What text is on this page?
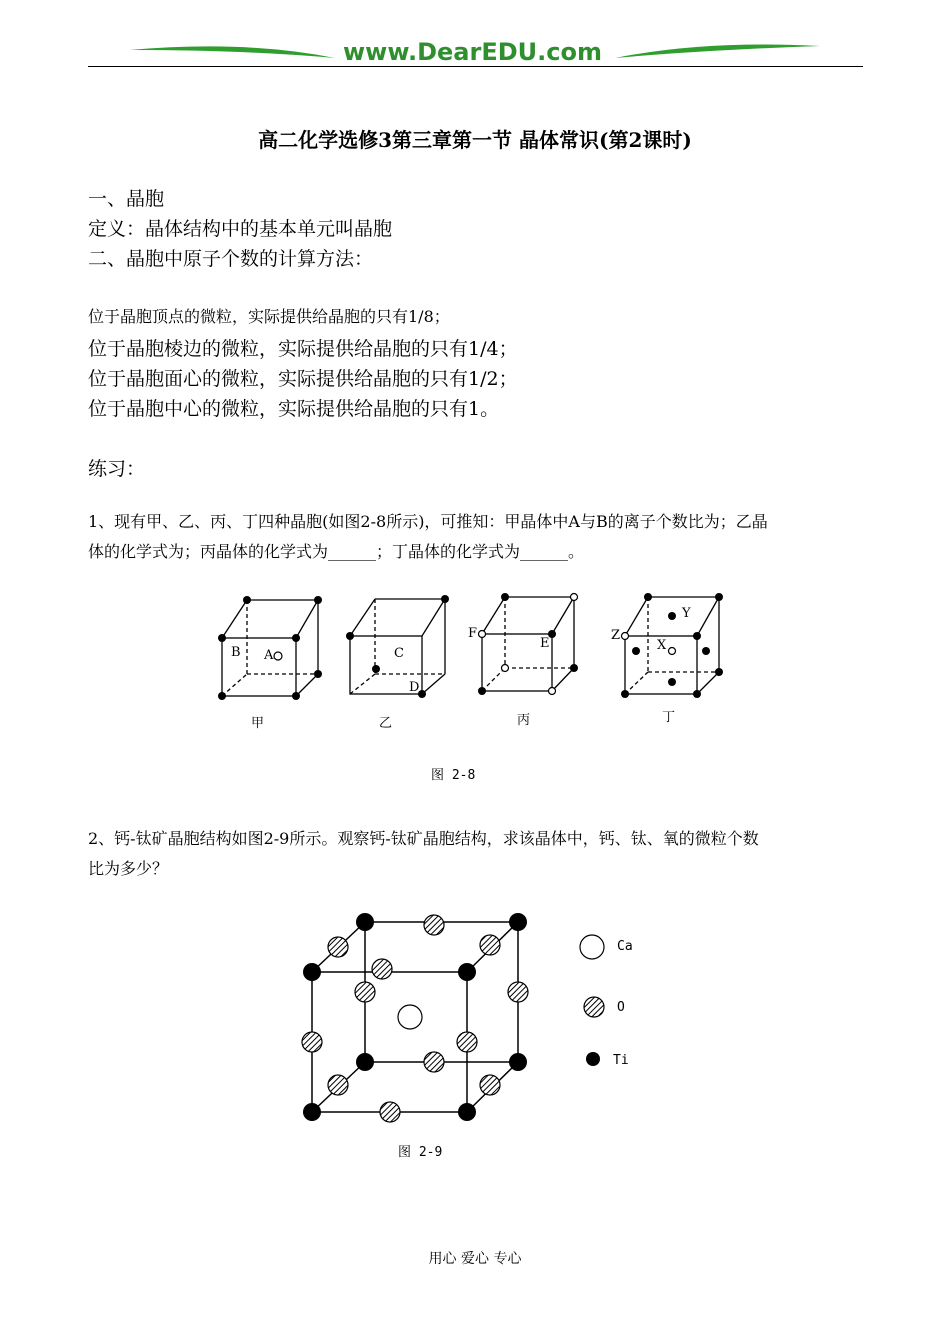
www.DearEDU.com
高二化学选修3第三章第一节 晶体常识(第2课时)
一、晶胞
定义：晶体结构中的基本单元叫晶胞
二、晶胞中原子个数的计算方法：
位于晶胞顶点的微粒，实际提供给晶胞的只有1/8；
位于晶胞棱边的微粒，实际提供给晶胞的只有1/4；
位于晶胞面心的微粒，实际提供给晶胞的只有1/2；
位于晶胞中心的微粒，实际提供给晶胞的只有1。
练习：
1、现有甲、乙、丙、丁四种晶胞(如图2-8所示)，可推知：甲晶体中A与B的离子个数比为；乙晶
体的化学式为；丙晶体的化学式为______；丁晶体的化学式为______。
B A	C
D
F
E
Y
Z
X
甲	乙	丙	丁
图 2-8
2、钙-钛矿晶胞结构如图2-9所示。观察钙-钛矿晶胞结构，求该晶体中，钙、钛、氧的微粒个数
比为多少？
Ca
O
Ti
图 2-9
用心 爱心 专心
